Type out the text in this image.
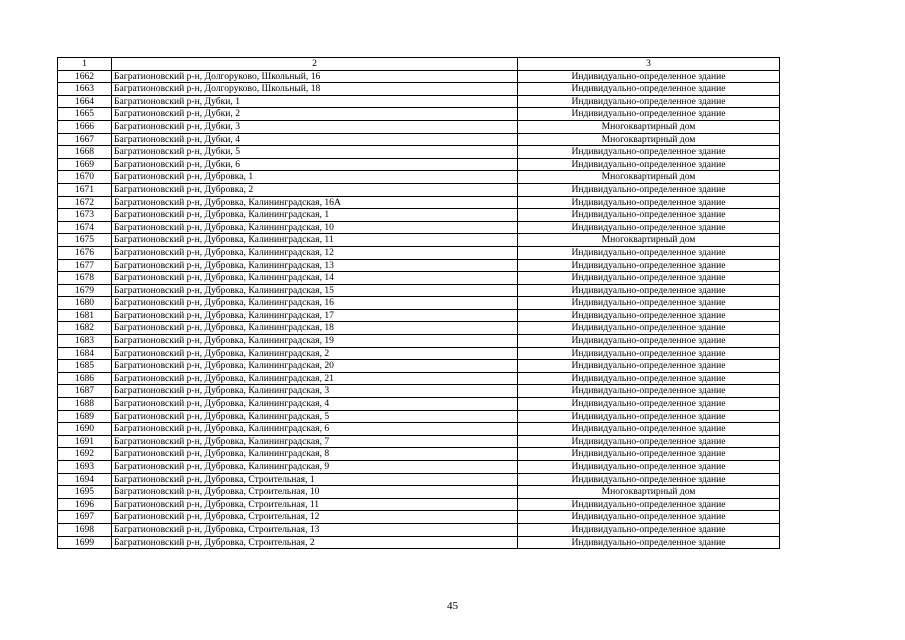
1	2	3
1662	Багратионовский р-н, Долгоруково, Школьный, 16	Индивидуально-определенное здание
1663	Багратионовский р-н, Долгоруково, Школьный, 18	Индивидуально-определенное здание
1664	Багратионовский р-н, Дубки, 1	Индивидуально-определенное здание
1665	Багратионовский р-н, Дубки, 2	Индивидуально-определенное здание
1666	Багратионовский р-н, Дубки, 3	Многоквартирный дом
1667	Багратионовский р-н, Дубки, 4	Многоквартирный дом
1668	Багратионовский р-н, Дубки, 5	Индивидуально-определенное здание
1669	Багратионовский р-н, Дубки, 6	Индивидуально-определенное здание
1670	Багратионовский р-н, Дубровка, 1	Многоквартирный дом
1671	Багратионовский р-н, Дубровка, 2	Индивидуально-определенное здание
1672	Багратионовский р-н, Дубровка, Калининградская, 16А	Индивидуально-определенное здание
1673	Багратионовский р-н, Дубровка, Калининградская, 1	Индивидуально-определенное здание
1674	Багратионовский р-н, Дубровка, Калининградская, 10	Индивидуально-определенное здание
1675	Багратионовский р-н, Дубровка, Калининградская, 11	Многоквартирный дом
1676	Багратионовский р-н, Дубровка, Калининградская, 12	Индивидуально-определенное здание
1677	Багратионовский р-н, Дубровка, Калининградская, 13	Индивидуально-определенное здание
1678	Багратионовский р-н, Дубровка, Калининградская, 14	Индивидуально-определенное здание
1679	Багратионовский р-н, Дубровка, Калининградская, 15	Индивидуально-определенное здание
1680	Багратионовский р-н, Дубровка, Калининградская, 16	Индивидуально-определенное здание
1681	Багратионовский р-н, Дубровка, Калининградская, 17	Индивидуально-определенное здание
1682	Багратионовский р-н, Дубровка, Калининградская, 18	Индивидуально-определенное здание
1683	Багратионовский р-н, Дубровка, Калининградская, 19	Индивидуально-определенное здание
1684	Багратионовский р-н, Дубровка, Калининградская, 2	Индивидуально-определенное здание
1685	Багратионовский р-н, Дубровка, Калининградская, 20	Индивидуально-определенное здание
1686	Багратионовский р-н, Дубровка, Калининградская, 21	Индивидуально-определенное здание
1687	Багратионовский р-н, Дубровка, Калининградская, 3	Индивидуально-определенное здание
1688	Багратионовский р-н, Дубровка, Калининградская, 4	Индивидуально-определенное здание
1689	Багратионовский р-н, Дубровка, Калининградская, 5	Индивидуально-определенное здание
1690	Багратионовский р-н, Дубровка, Калининградская, 6	Индивидуально-определенное здание
1691	Багратионовский р-н, Дубровка, Калининградская, 7	Индивидуально-определенное здание
1692	Багратионовский р-н, Дубровка, Калининградская, 8	Индивидуально-определенное здание
1693	Багратионовский р-н, Дубровка, Калининградская, 9	Индивидуально-определенное здание
1694	Багратионовский р-н, Дубровка, Строительная, 1	Индивидуально-определенное здание
1695	Багратионовский р-н, Дубровка, Строительная, 10	Многоквартирный дом
1696	Багратионовский р-н, Дубровка, Строительная, 11	Индивидуально-определенное здание
1697	Багратионовский р-н, Дубровка, Строительная, 12	Индивидуально-определенное здание
1698	Багратионовский р-н, Дубровка, Строительная, 13	Индивидуально-определенное здание
1699	Багратионовский р-н, Дубровка, Строительная, 2	Индивидуально-определенное здание
45
